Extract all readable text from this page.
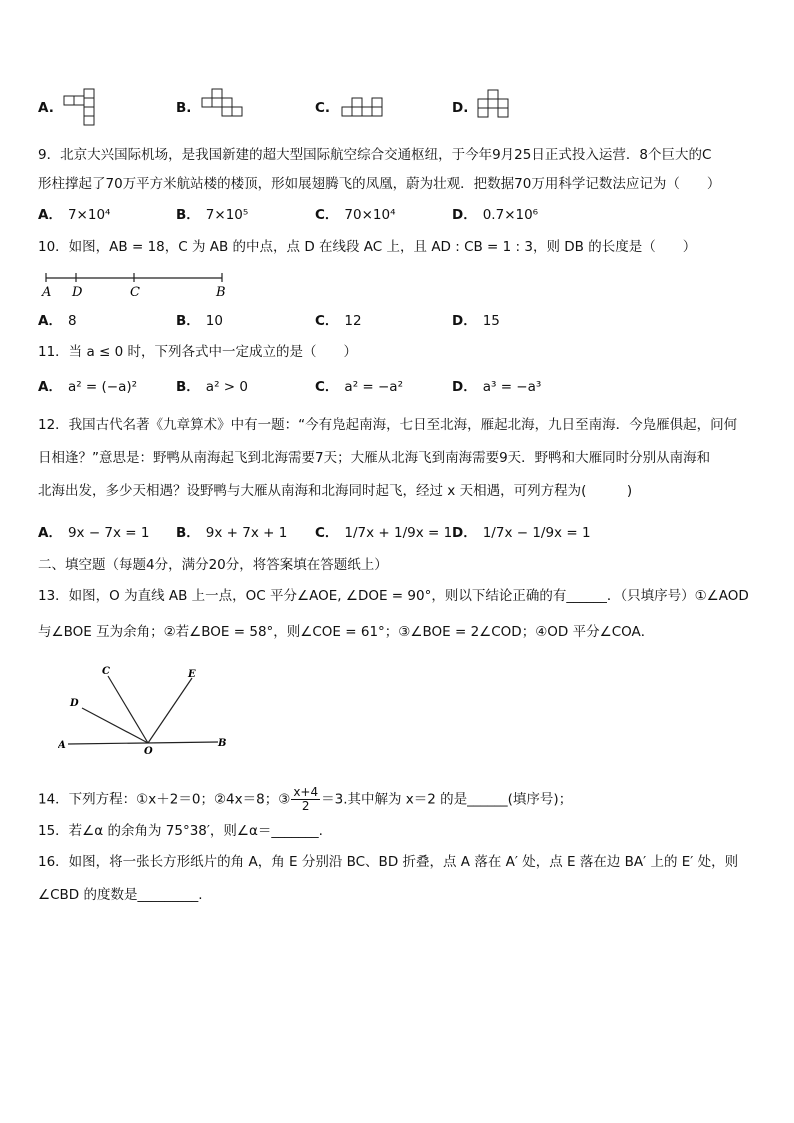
A.	B.	C.	D.
9．北京大兴国际机场，是我国新建的超大型国际航空综合交通枢纽，于今年9月25日正式投入运营．8个巨大的C
形柱撑起了70万平方米航站楼的楼顶，形如展翅腾飞的凤凰，蔚为壮观．把数据70万用科学记数法应记为（　　）
A． 7×10⁴	B． 7×10⁵	C． 70×10⁴	D． 0.7×10⁶
10．如图，AB = 18，C 为 AB 的中点，点 D 在线段 AC 上，且 AD : CB = 1 : 3，则 DB 的长度是（　　）
A D	C	B
A． 8	B． 10	C． 12	D． 15
11．当 a ≤ 0 时，下列各式中一定成立的是（　　）
A． a² = (−a)²	B． a² > 0	C． a² = −a²	D． a³ = −a³
12．我国古代名著《九章算术》中有一题：“今有凫起南海，七日至北海，雁起北海，九日至南海．今凫雁俱起，问何
日相逢？”意思是：野鸭从南海起飞到北海需要7天；大雁从北海飞到南海需要9天．野鸭和大雁同时分别从南海和
北海出发，多少天相遇？设野鸭与大雁从南海和北海同时起飞，经过 x 天相遇，可列方程为(　　　)
A． 9x − 7x = 1 B． 9x + 7x + 1 C． 1/7x + 1/9x = 1 D． 1/7x − 1/9x = 1
二、填空题（每题4分，满分20分，将答案填在答题纸上）
13．如图，O 为直线 AB 上一点，OC 平分∠AOE, ∠DOE = 90°，则以下结论正确的有______．（只填序号）①∠AOD
与∠BOE 互为余角；②若∠BOE = 58°，则∠COE = 61°；③∠BOE = 2∠COD；④OD 平分∠COA．
C	E
D
A
O
B
14．下列方程：①x＋2＝0；②4x＝8；③ $\frac{x+4}{2} =3$.其中解为 x＝2 的是______(填序号)；
15．若∠α 的余角为 75°38′，则∠α＝_______.
16．如图，将一张长方形纸片的角 A，角 E 分别沿 BC、BD 折叠，点 A 落在 A′ 处，点 E 落在边 BA′ 上的 E′ 处，则
∠CBD 的度数是_________.
